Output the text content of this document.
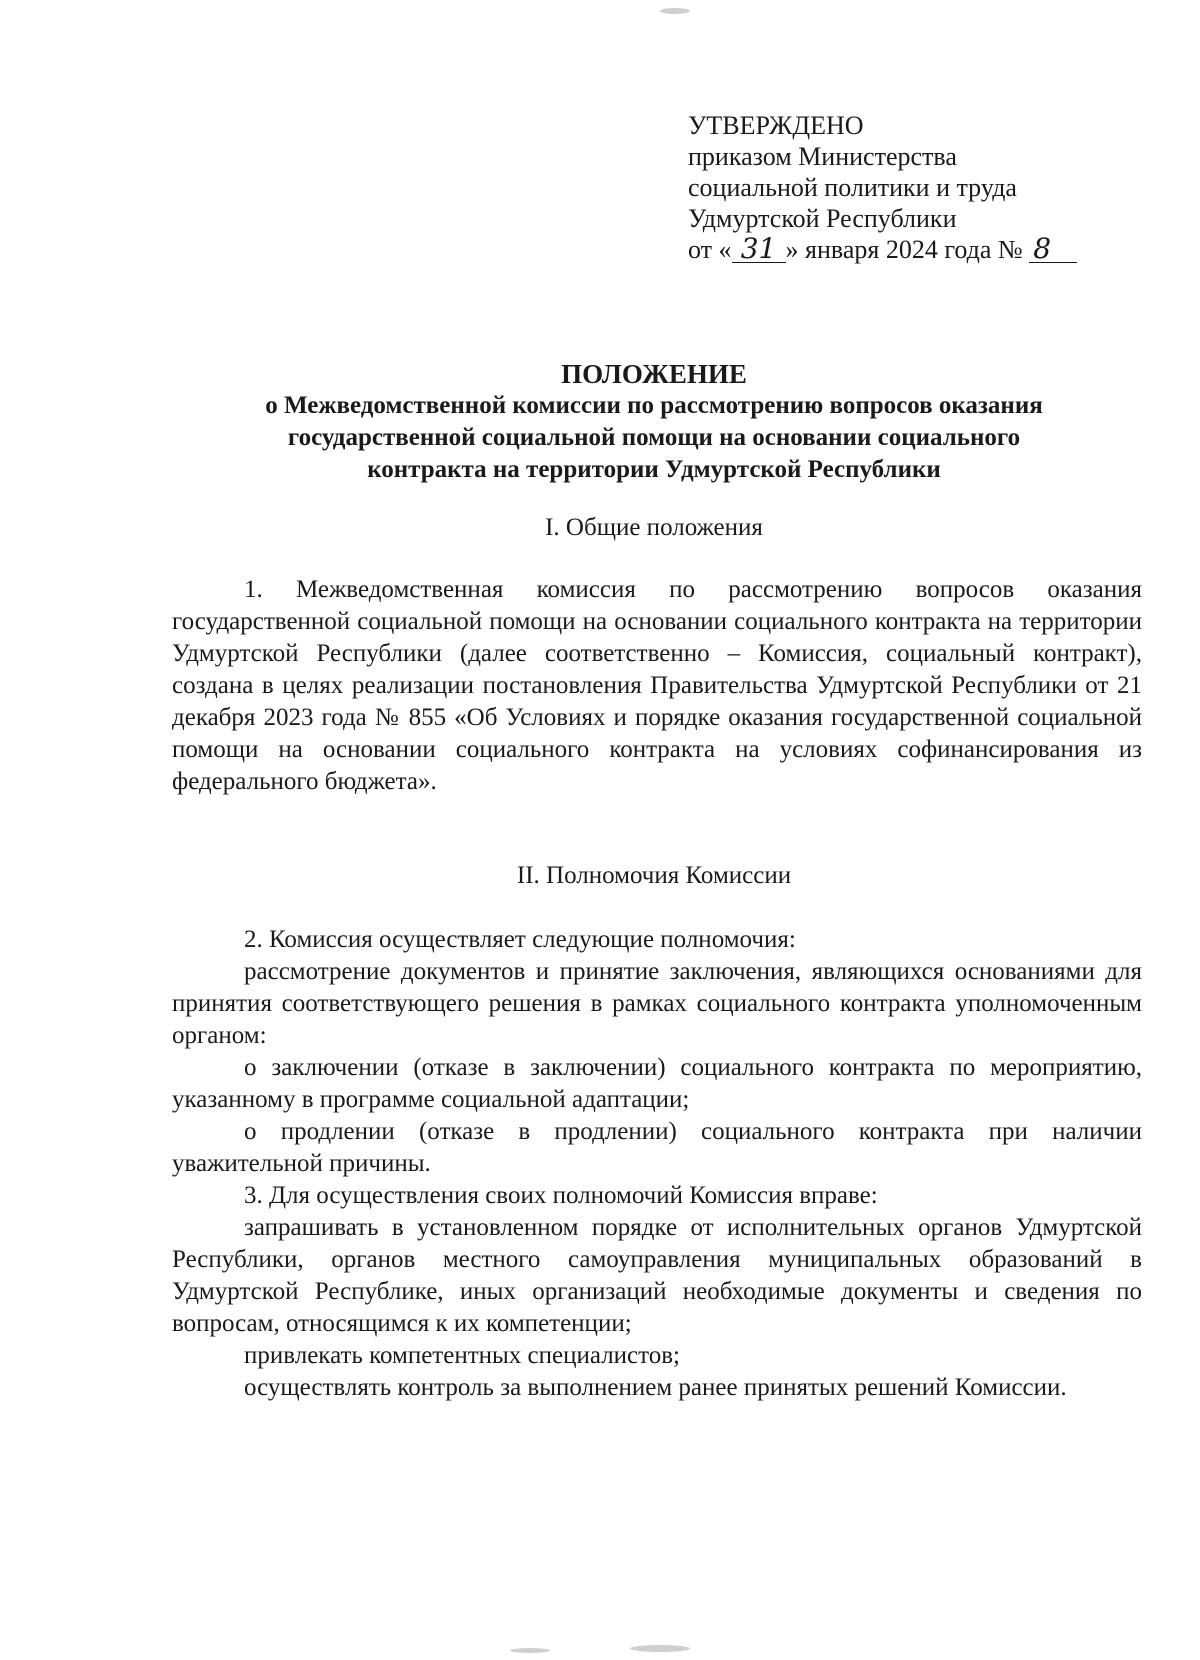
УТВЕРЖДЕНО
приказом Министерства
социальной политики и труда
Удмуртской Республики
от « 31 » января 2024 года № 8
ПОЛОЖЕНИЕ
о Межведомственной комиссии по рассмотрению вопросов оказания
государственной социальной помощи на основании социального
контракта на территории Удмуртской Республики
I. Общие положения

1. Межведомственная комиссия по рассмотрению вопросов оказания государственной социальной помощи на основании социального контракта на территории Удмуртской Республики (далее соответственно – Комиссия, социальный контракт), создана в целях реализации постановления Правительства Удмуртской Республики от 21 декабря 2023 года № 855 «Об Условиях и порядке оказания государственной социальной помощи на основании социального контракта на условиях софинансирования из федерального бюджета».

II. Полномочия Комиссии

2. Комиссия осуществляет следующие полномочия:

рассмотрение документов и принятие заключения, являющихся основаниями для принятия соответствующего решения в рамках социального контракта уполномоченным органом:

о заключении (отказе в заключении) социального контракта по мероприятию, указанному в программе социальной адаптации;

о продлении (отказе в продлении) социального контракта при наличии уважительной причины.

3. Для осуществления своих полномочий Комиссия вправе:

запрашивать в установленном порядке от исполнительных органов Удмуртской Республики, органов местного самоуправления муниципальных образований в Удмуртской Республике, иных организаций необходимые документы и сведения по вопросам, относящимся к их компетенции;

привлекать компетентных специалистов;

осуществлять контроль за выполнением ранее принятых решений Комиссии.
